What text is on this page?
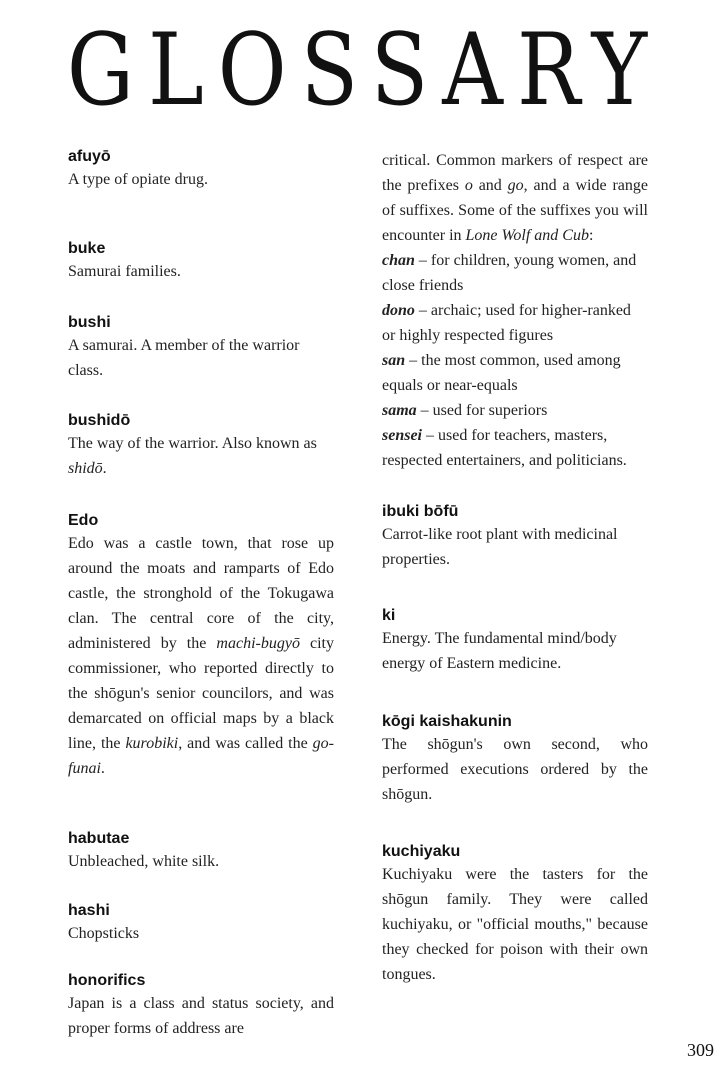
GLOSSARY

afuyō

A type of opiate drug.

buke

Samurai families.

bushi

A samurai. A member of the warrior class.

bushidō

The way of the warrior. Also known as shidō.

Edo

Edo was a castle town, that rose up around the moats and ramparts of Edo castle, the stronghold of the Tokugawa clan. The central core of the city, administered by the machi-bugyō city commissioner, who reported directly to the shōgun's senior councilors, and was demarcated on official maps by a black line, the kurobiki, and was called the go-funai.

habutae

Unbleached, white silk.

hashi

Chopsticks

honorifics

Japan is a class and status society, and proper forms of address are

critical. Common markers of respect are the prefixes o and go, and a wide range of suffixes. Some of the suffixes you will encounter in Lone Wolf and Cub:

chan – for children, young women, and close friends

dono – archaic; used for higher-ranked or highly respected figures

san – the most common, used among equals or near-equals

sama – used for superiors

sensei – used for teachers, masters, respected entertainers, and politicians.

ibuki bōfū

Carrot-like root plant with medicinal properties.

ki

Energy. The fundamental mind/body energy of Eastern medicine.

kōgi kaishakunin

The shōgun's own second, who performed executions ordered by the shōgun.

kuchiyaku

Kuchiyaku were the tasters for the shōgun family. They were called kuchiyaku, or "official mouths," because they checked for poison with their own tongues.

309
